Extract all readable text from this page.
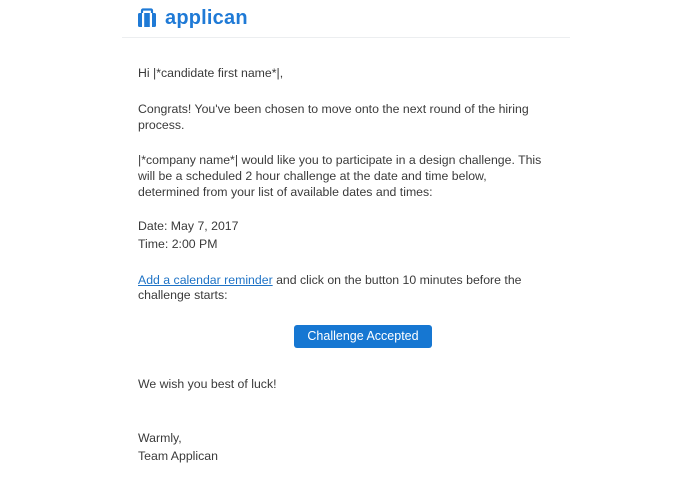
applican

Hi |*candidate first name*|,

Congrats! You've been chosen to move onto the next round of the hiring

process.

|*company name*| would like you to participate in a design challenge. This

will be a scheduled 2 hour challenge at the date and time below,

determined from your list of available dates and times:

Date: May 7, 2017

Time: 2:00 PM

Add a calendar reminder and click on the button 10 minutes before the

challenge starts:

Challenge Accepted

We wish you best of luck!

Warmly,

Team Applican
